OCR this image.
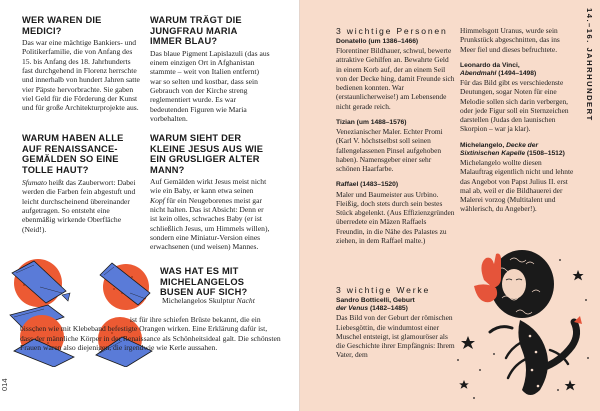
WER WAREN DIE MEDICI?

Das war eine mächtige Bankiers- und Politikerfamilie, die von Anfang des 15. bis Anfang des 18. Jahrhunderts fast durchgehend in Florenz herrschte und innerhalb von hundert Jahren satte vier Päpste hervorbrachte. Sie gaben viel Geld für die Förderung der Kunst und für große Architekturprojekte aus.

WARUM HABEN ALLE AUF RENAISSANCE-GEMÄLDEN SO EINE TOLLE HAUT?

Sfumato heißt das Zauberwort: Dabei werden die Farben fein abgestuft und leicht durchscheinend übereinander aufgetragen. So entsteht eine ebenmäßig wirkende Oberfläche (Neid!).

WARUM TRÄGT DIE JUNGFRAU MARIA IMMER BLAU?

Das blaue Pigment Lapislazuli (das aus einem einzigen Ort in Afghanistan stammte – weit von Italien entfernt) war so selten und kostbar, dass sein Gebrauch von der Kirche streng reglementiert wurde. Es war bedeutenden Figuren wie Maria vorbehalten.

WARUM SIEHT DER KLEINE JESUS AUS WIE EIN GRUSLIGER ALTER MANN?

Auf Gemälden wirkt Jesus meist nicht wie ein Baby, er kann etwa seinen Kopf für ein Neugeborenes meist gar nicht halten. Das ist Absicht: Denn er ist kein olles, schwaches Baby (er ist schließlich Jesus, um Himmels willen), sondern eine Miniatur-Version eines erwachsenen (und weisen) Mannes.

WAS HAT ES MIT MICHELANGELOS BUSEN AUF SICH?

Michelangelos Skulptur Nacht

ist für ihre schiefen Brüste bekannt, die ein bisschen wie mit Klebeband befestigte Orangen wirken. Eine Erklärung dafür ist, dass der männliche Körper in der Renaissance als Schönheitsideal galt. Die schönsten Frauen waren also diejenigen, die irgendwie wie Kerle aussahen.

014
14.–16. JAHRHUNDERT
3 wichtige Personen
Donatello (um 1386–1466)

Florentiner Bildhauer, schwul, bewerte attraktive Gehilfen an. Bewahrte Geld in einem Korb auf, der an einem Seil von der Decke hing, damit Freunde sich bedienen konnten. War (erstaunlicherweise!) am Lebensende nicht gerade reich.

Tizian (um 1488–1576)

Venezianischer Maler. Echter Promi (Karl V. höchstselbst soll seinen fallengelassenen Pinsel aufgehoben haben). Namensgeber einer sehr schönen Haarfarbe.

Raffael (1483–1520)

Maler und Baumeister aus Urbino. Fleißig, doch stets durch sein bestes Stück abgelenkt. (Aus Effizienzgründen überredete ein Mäzen Raffaels Freundin, in die Nähe des Palastes zu ziehen, in dem Raffael malte.)

3 wichtige Werke
Sandro Botticelli, Geburt
der Venus (1482–1485)

Das Bild von der Geburt der römischen Liebesgöttin, die windumtost einer Muschel entsteigt, ist glamouröser als die Geschichte ihrer Empfängnis: Ihrem Vater, dem

Himmelsgott Uranus, wurde sein Prunkstück abgeschnitten, das ins Meer fiel und dieses befruchtete.

Leonardo da Vinci,
Abendmahl (1494–1498)

Für das Bild gibt es verschiedenste Deutungen, sogar Noten für eine Melodie sollen sich darin verbergen, oder jede Figur soll ein Sternzeichen darstellen (Judas den launischen Skorpion – war ja klar).

Michelangelo, Decke der Sixtinischen Kapelle (1508–1512)

Michelangelo wollte diesen Malauftrag eigentlich nicht und lehnte das Angebot von Papst Julius II. erst mal ab, weil er die Bildhauerei der Malerei vorzog (Multitalent und wählerisch, du Angeber!).
